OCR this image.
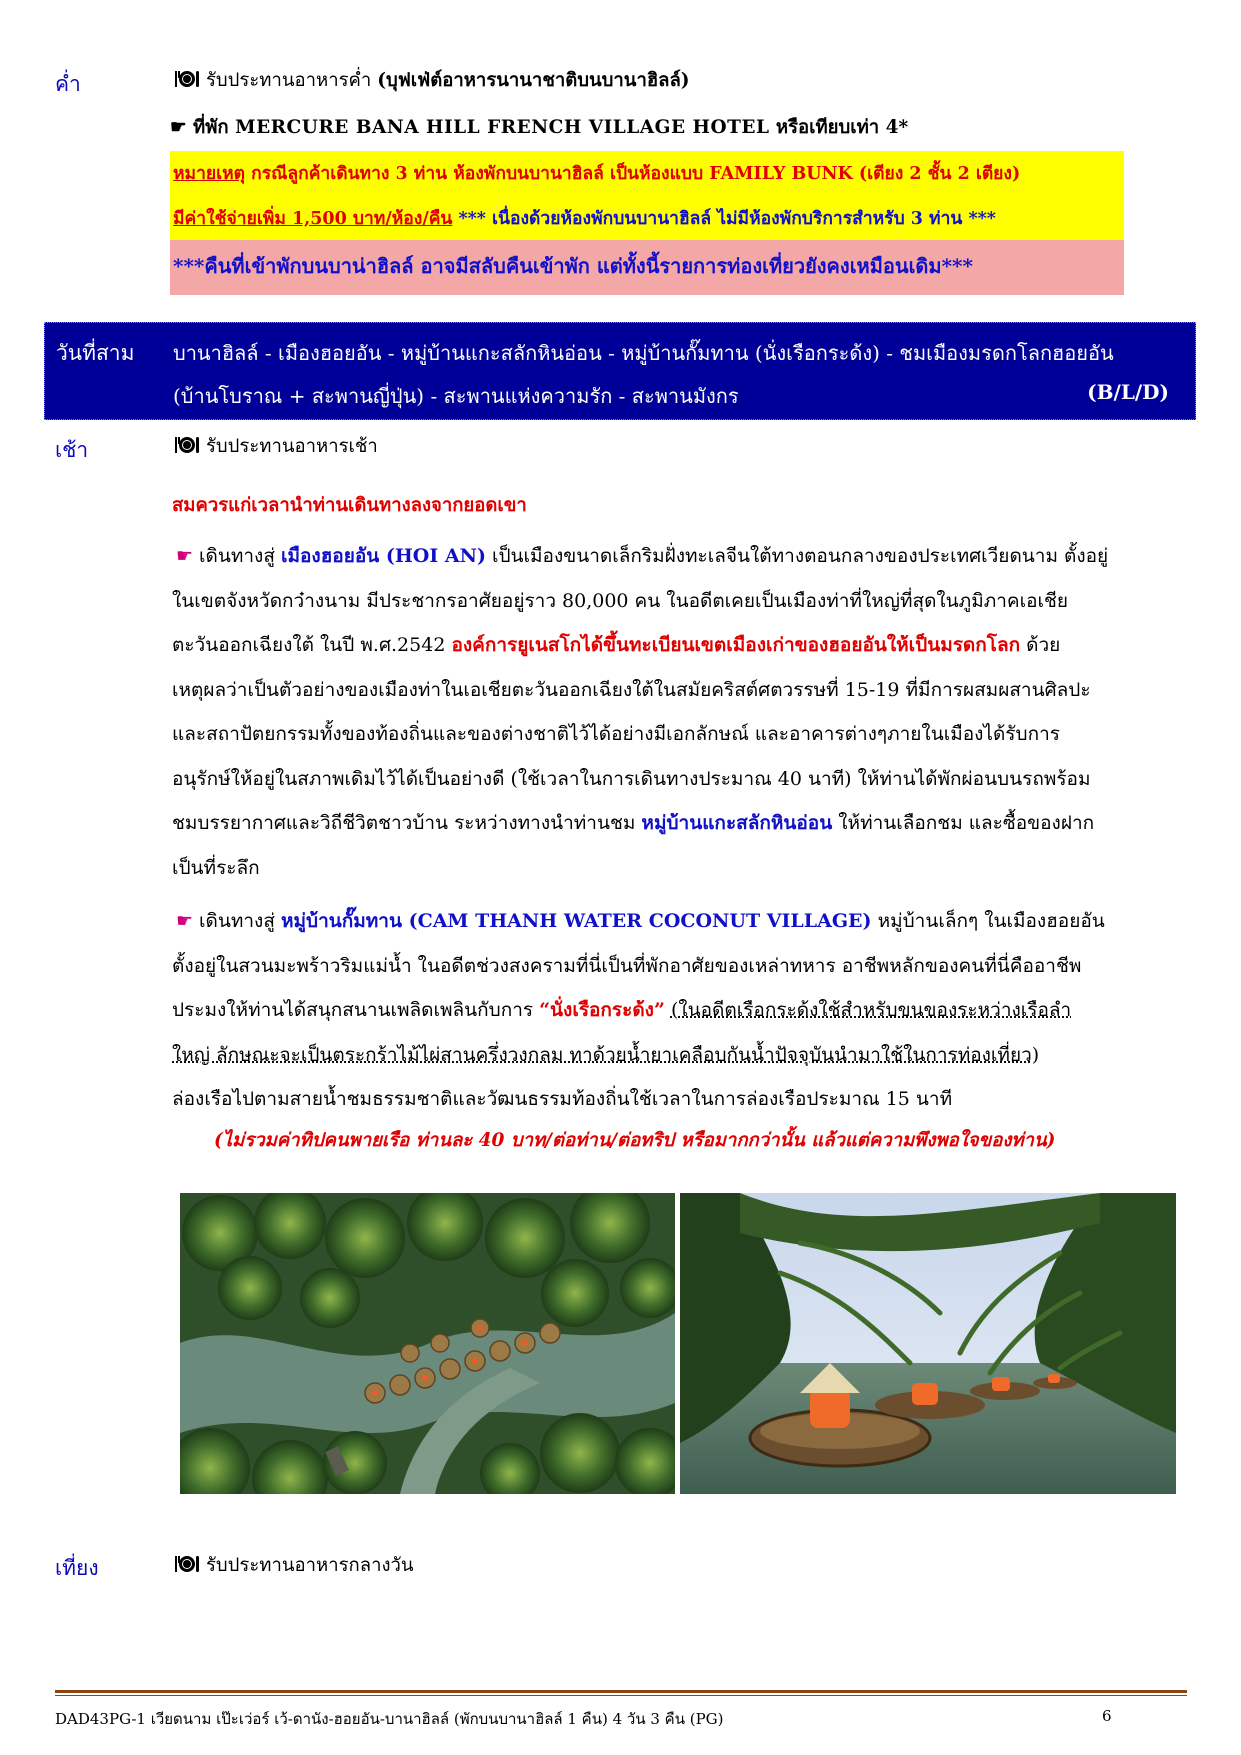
ค่ำ	รับประทานอาหารค่ำ (บุฟเฟ่ต์อาหารนานาชาติบนบานาฮิลล์)
☛ ที่พัก MERCURE BANA HILL FRENCH VILLAGE HOTEL หรือเทียบเท่า 4*
หมายเหตุ กรณีลูกค้าเดินทาง 3 ท่าน ห้องพักบนบานาฮิลล์ เป็นห้องแบบ FAMILY BUNK (เตียง 2 ชั้น 2 เตียง)
มีค่าใช้จ่ายเพิ่ม 1,500 บาท/ห้อง/คืน *** เนื่องด้วยห้องพักบนบานาฮิลล์ ไม่มีห้องพักบริการสำหรับ 3 ท่าน ***
***คืนที่เข้าพักบนบาน่าฮิลล์ อาจมีสลับคืนเข้าพัก แต่ทั้งนี้รายการท่องเที่ยวยังคงเหมือนเดิม***
วันที่สาม บานาฮิลล์ - เมืองฮอยอัน - หมู่บ้านแกะสลักหินอ่อน - หมู่บ้านกั๊มทาน (นั่งเรือกระด้ง) - ชมเมืองมรดกโลกฮอยอัน
(บ้านโบราณ + สะพานญี่ปุ่น) - สะพานแห่งความรัก - สะพานมังกร	(B/L/D)
เช้า	รับประทานอาหารเช้า
สมควรแก่เวลานำท่านเดินทางลงจากยอดเขา

☛ เดินทางสู่ เมืองฮอยอัน (HOI AN) เป็นเมืองขนาดเล็กริมฝั่งทะเลจีนใต้ทางตอนกลางของประเทศเวียดนาม ตั้งอยู่

ในเขตจังหวัดกว๋างนาม มีประชากรอาศัยอยู่ราว 80,000 คน ในอดีตเคยเป็นเมืองท่าที่ใหญ่ที่สุดในภูมิภาคเอเชีย

ตะวันออกเฉียงใต้ ในปี พ.ศ.2542 องค์การยูเนสโกได้ขึ้นทะเบียนเขตเมืองเก่าของฮอยอันให้เป็นมรดกโลก ด้วย

เหตุผลว่าเป็นตัวอย่างของเมืองท่าในเอเชียตะวันออกเฉียงใต้ในสมัยคริสต์ศตวรรษที่ 15-19 ที่มีการผสมผสานศิลปะ

และสถาปัตยกรรมทั้งของท้องถิ่นและของต่างชาติไว้ได้อย่างมีเอกลักษณ์ และอาคารต่างๆภายในเมืองได้รับการ

อนุรักษ์ให้อยู่ในสภาพเดิมไว้ได้เป็นอย่างดี (ใช้เวลาในการเดินทางประมาณ 40 นาที) ให้ท่านได้พักผ่อนบนรถพร้อม

ชมบรรยากาศและวิถีชีวิตชาวบ้าน ระหว่างทางนำท่านชม หมู่บ้านแกะสลักหินอ่อน ให้ท่านเลือกชม และซื้อของฝาก

เป็นที่ระลึก

☛ เดินทางสู่ หมู่บ้านกั๊มทาน (CAM THANH WATER COCONUT VILLAGE) หมู่บ้านเล็กๆ ในเมืองฮอยอัน

ตั้งอยู่ในสวนมะพร้าวริมแม่น้ำ ในอดีตช่วงสงครามที่นี่เป็นที่พักอาศัยของเหล่าทหาร อาชีพหลักของคนที่นี่คืออาชีพ

ประมงให้ท่านได้สนุกสนานเพลิดเพลินกับการ “นั่งเรือกระด้ง” (ในอดีตเรือกระด้งใช้สำหรับขนของระหว่างเรือลำ

ใหญ่ ลักษณะจะเป็นตระกร้าไม้ไผ่สานครึ่งวงกลม ทาด้วยน้ำยาเคลือบกันน้ำปัจจุบันนำมาใช้ในการท่องเที่ยว)

ล่องเรือไปตามสายน้ำชมธรรมชาติและวัฒนธรรมท้องถิ่นใช้เวลาในการล่องเรือประมาณ 15 นาที

(ไม่รวมค่าทิปคนพายเรือ ท่านละ 40 บาท/ต่อท่าน/ต่อทริป หรือมากกว่านั้น แล้วแต่ความพึงพอใจของท่าน)
เที่ยง	รับประทานอาหารกลางวัน
DAD43PG-1 เวียดนาม เป๊ะเว่อร์ เว้-ดานัง-ฮอยอัน-บานาฮิลล์ (พักบนบานาฮิลล์ 1 คืน) 4 วัน 3 คืน (PG)	6
